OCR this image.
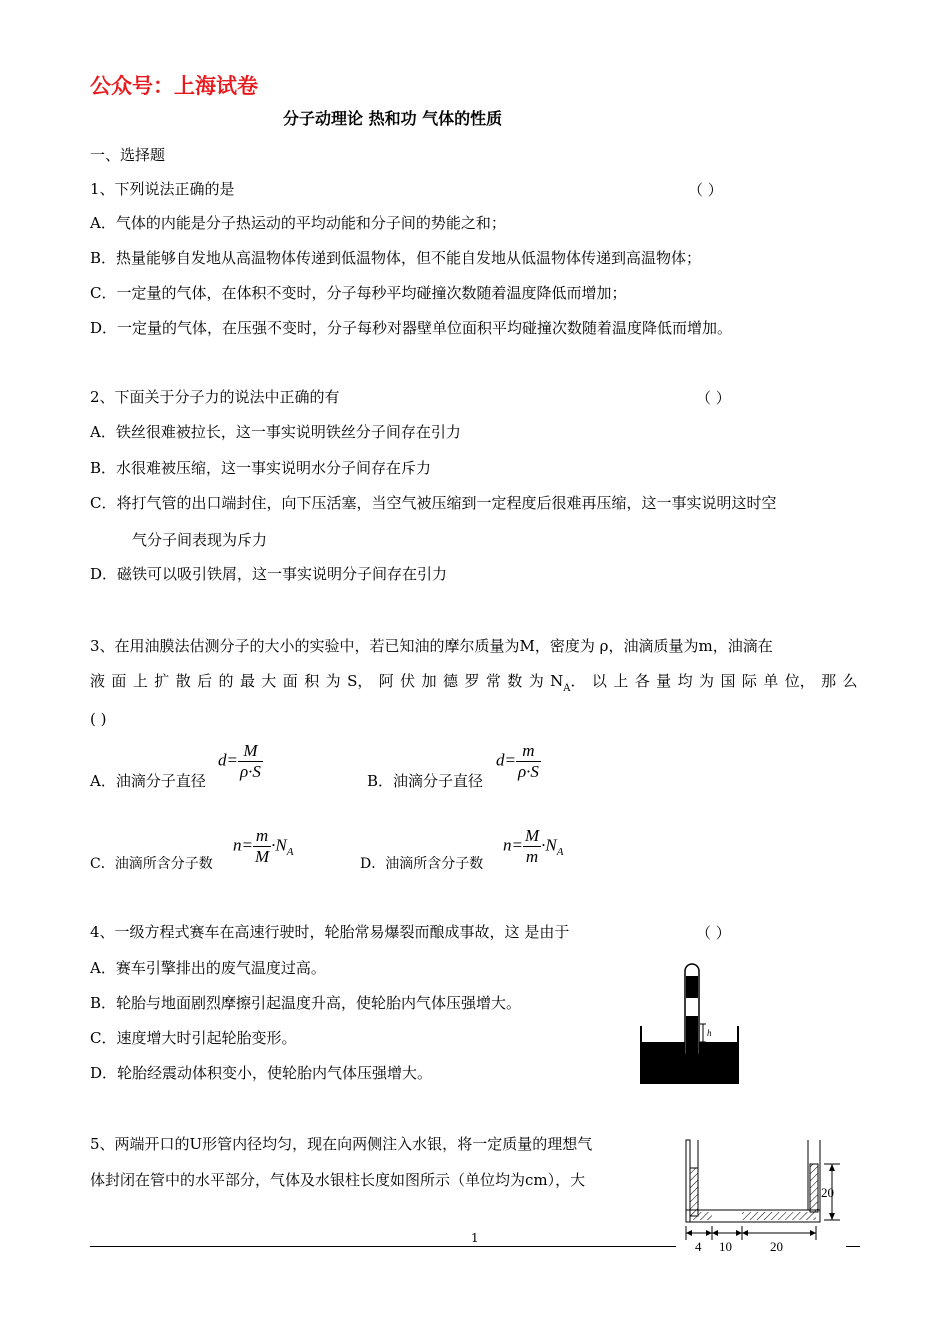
公众号：上海试卷
分子动理论 热和功 气体的性质
一、选择题
1、下列说法正确的是	（ ）
A．气体的内能是分子热运动的平均动能和分子间的势能之和；
B．热量能够自发地从高温物体传递到低温物体，但不能自发地从低温物体传递到高温物体；
C．一定量的气体，在体积不变时，分子每秒平均碰撞次数随着温度降低而增加；
D．一定量的气体，在压强不变时，分子每秒对器壁单位面积平均碰撞次数随着温度降低而增加。
2、下面关于分子力的说法中正确的有	（ ）
A．铁丝很难被拉长，这一事实说明铁丝分子间存在引力
B．水很难被压缩，这一事实说明水分子间存在斥力
C．将打气管的出口端封住，向下压活塞，当空气被压缩到一定程度后很难再压缩，这一事实说明这时空
气分子间表现为斥力
D．磁铁可以吸引铁屑，这一事实说明分子间存在引力
3、在用油膜法估测分子的大小的实验中，若已知油的摩尔质量为M，密度为 ρ，油滴质量为m，油滴在
液 面 上 扩 散 后 的 最 大 面 积 为 S， 阿 伏 加 德 罗 常 数 为 $N_A$． 以 上 各 量 均 为 国 际 单 位， 那 么
( )
A．油滴分子直径
$d= \frac{M}{\rho\cdot S}$	B．油滴分子直径
$d= \frac{m}{\rho\cdot S}$
C．油滴所含分子数
$n= \frac{m}{M} \cdot N_A$
D．油滴所含分子数
$n= \frac{M}{m} \cdot N_A$
4、一级方程式赛车在高速行驶时，轮胎常易爆裂而酿成事故，这 是由于	（ ）
A．赛车引擎排出的废气温度过高。
B．轮胎与地面剧烈摩擦引起温度升高，使轮胎内气体压强增大。
C．速度增大时引起轮胎变形。
D．轮胎经震动体积变小，使轮胎内气体压强增大。
h
5、两端开口的U形管内径均匀，现在向两侧注入水银，将一定质量的理想气
体封闭在管中的水平部分，气体及水银柱长度如图所示（单位均为cm），大
20
4 10	20
1
